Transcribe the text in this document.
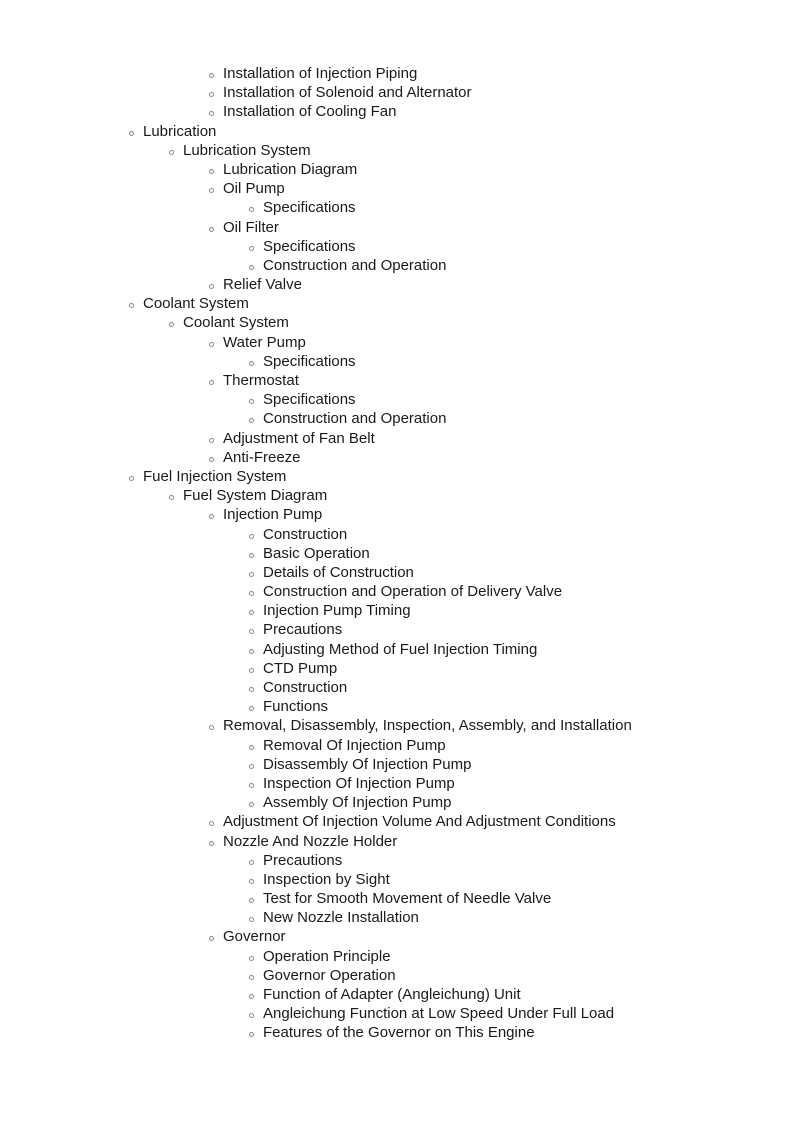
Installation of Injection Piping
Installation of Solenoid and Alternator
Installation of Cooling Fan
Lubrication
Lubrication System
Lubrication Diagram
Oil Pump
Specifications
Oil Filter
Specifications
Construction and Operation
Relief Valve
Coolant System
Coolant System
Water Pump
Specifications
Thermostat
Specifications
Construction and Operation
Adjustment of Fan Belt
Anti-Freeze
Fuel Injection System
Fuel System Diagram
Injection Pump
Construction
Basic Operation
Details of Construction
Construction and Operation of Delivery Valve
Injection Pump Timing
Precautions
Adjusting Method of Fuel Injection Timing
CTD Pump
Construction
Functions
Removal, Disassembly, Inspection, Assembly, and Installation
Removal Of Injection Pump
Disassembly Of Injection Pump
Inspection Of Injection Pump
Assembly Of Injection Pump
Adjustment Of Injection Volume And Adjustment Conditions
Nozzle And Nozzle Holder
Precautions
Inspection by Sight
Test for Smooth Movement of Needle Valve
New Nozzle Installation
Governor
Operation Principle
Governor Operation
Function of Adapter (Angleichung) Unit
Angleichung Function at Low Speed Under Full Load
Features of the Governor on This Engine
